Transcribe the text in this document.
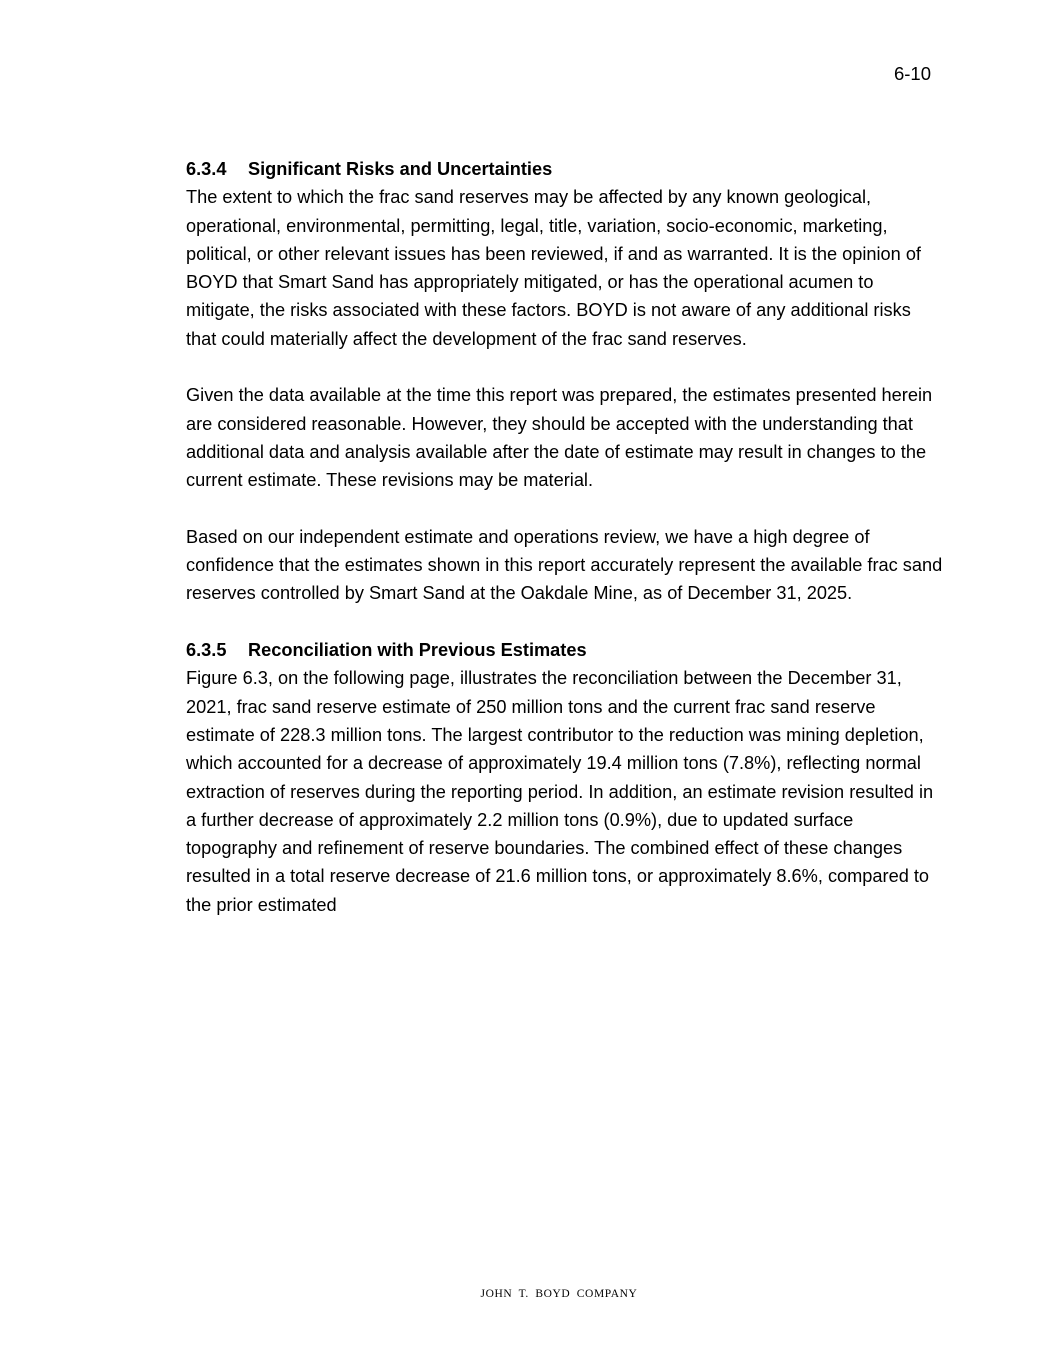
6-10
6.3.4 Significant Risks and Uncertainties

The extent to which the frac sand reserves may be affected by any known geological, operational, environmental, permitting, legal, title, variation, socio-economic, marketing, political, or other relevant issues has been reviewed, if and as warranted. It is the opinion of BOYD that Smart Sand has appropriately mitigated, or has the operational acumen to mitigate, the risks associated with these factors. BOYD is not aware of any additional risks that could materially affect the development of the frac sand reserves.

Given the data available at the time this report was prepared, the estimates presented herein are considered reasonable. However, they should be accepted with the understanding that additional data and analysis available after the date of estimate may result in changes to the current estimate. These revisions may be material.

Based on our independent estimate and operations review, we have a high degree of confidence that the estimates shown in this report accurately represent the available frac sand reserves controlled by Smart Sand at the Oakdale Mine, as of December 31, 2025.

6.3.5 Reconciliation with Previous Estimates

Figure 6.3, on the following page, illustrates the reconciliation between the December 31, 2021, frac sand reserve estimate of 250 million tons and the current frac sand reserve estimate of 228.3 million tons. The largest contributor to the reduction was mining depletion, which accounted for a decrease of approximately 19.4 million tons (7.8%), reflecting normal extraction of reserves during the reporting period. In addition, an estimate revision resulted in a further decrease of approximately 2.2 million tons (0.9%), due to updated surface topography and refinement of reserve boundaries. The combined effect of these changes resulted in a total reserve decrease of 21.6 million tons, or approximately 8.6%, compared to the prior estimated

JOHN T. BOYD COMPANY
